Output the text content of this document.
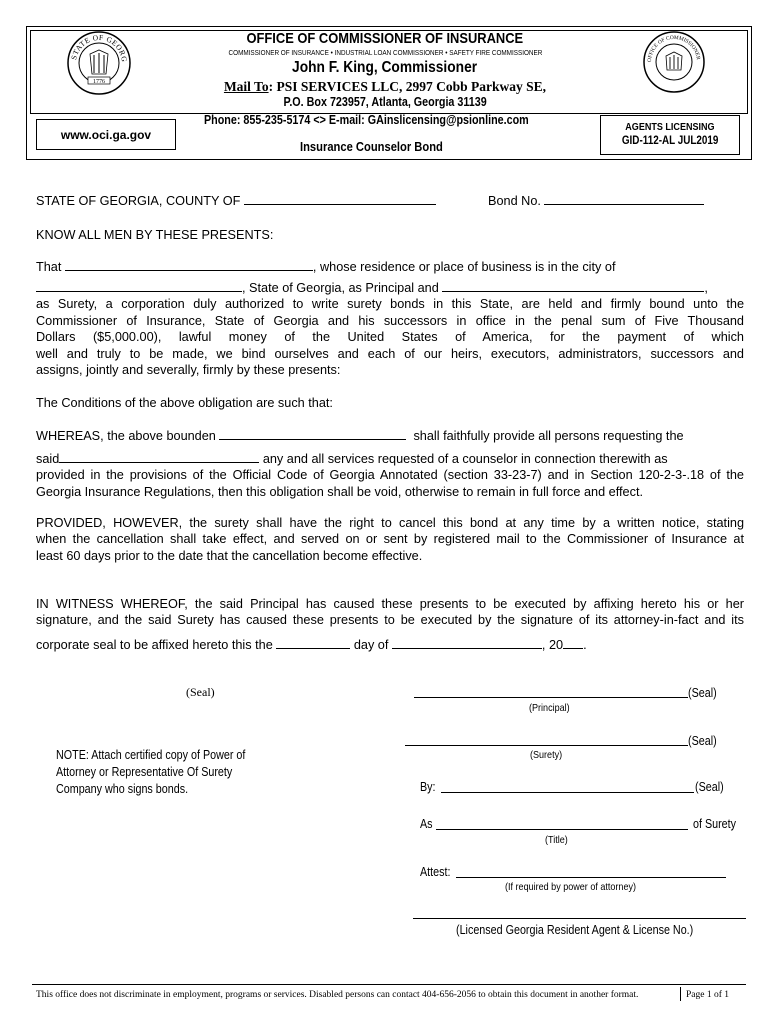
STATE OF GEORG
1776
OFFICE OF COMMISSIONER
OFFICE OF COMMISSIONER OF INSURANCE
COMMISSIONER OF INSURANCE • INDUSTRIAL LOAN COMMISSIONER • SAFETY FIRE COMMISSIONER
John F. King, Commissioner
Mail To: PSI SERVICES LLC, 2997 Cobb Parkway SE,
P.O. Box 723957, Atlanta, Georgia 31139
Phone: 855-235-5174 <> E-mail: GAinslicensing@psionline.com
www.oci.ga.gov
Insurance Counselor Bond
AGENTS LICENSING
GID-112-AL JUL2019
STATE OF GEORGIA, COUNTY OF	Bond No.
KNOW ALL MEN BY THESE PRESENTS:
That	, whose residence or place of business is in the city of
, State of Georgia, as Principal and	,
as Surety, a corporation duly authorized to write surety bonds in this State, are held and firmly bound unto the
Commissioner of Insurance, State of Georgia and his successors in office in the penal sum of Five Thousand
Dollars ($5,000.00), lawful money of the United States of America, for the payment of which
well and truly to be made, we bind ourselves and each of our heirs, executors, administrators, successors and
assigns, jointly and severally, firmly by these presents:
The Conditions of the above obligation are such that:
WHEREAS, the above bounden	shall faithfully provide all persons requesting the
said	any and all services requested of a counselor in connection therewith as
provided in the provisions of the Official Code of Georgia Annotated (section 33-23-7) and in Section 120-2-3-.18 of the
Georgia Insurance Regulations, then this obligation shall be void, otherwise to remain in full force and effect.
PROVIDED, HOWEVER, the surety shall have the right to cancel this bond at any time by a written notice, stating
when the cancellation shall take effect, and served on or sent by registered mail to the Commissioner of Insurance at
least 60 days prior to the date that the cancellation become effective.
IN WITNESS WHEREOF, the said Principal has caused these presents to be executed by affixing hereto his or her
signature, and the said Surety has caused these presents to be executed by the signature of its attorney-in-fact and its
corporate seal to be affixed hereto this the	day of	, 20 .
(Seal)	(Seal)
(Principal)
(Seal)
(Surety)
NOTE: Attach certified copy of Power of
Attorney or Representative Of Surety
Company who signs bonds.	By:	(Seal)
As	of Surety
(Title)
Attest:
(If required by power of attorney)
(Licensed Georgia Resident Agent & License No.)
This office does not discriminate in employment, programs or services. Disabled persons can contact 404-656-2056 to obtain this document in another format.	Page 1 of 1
